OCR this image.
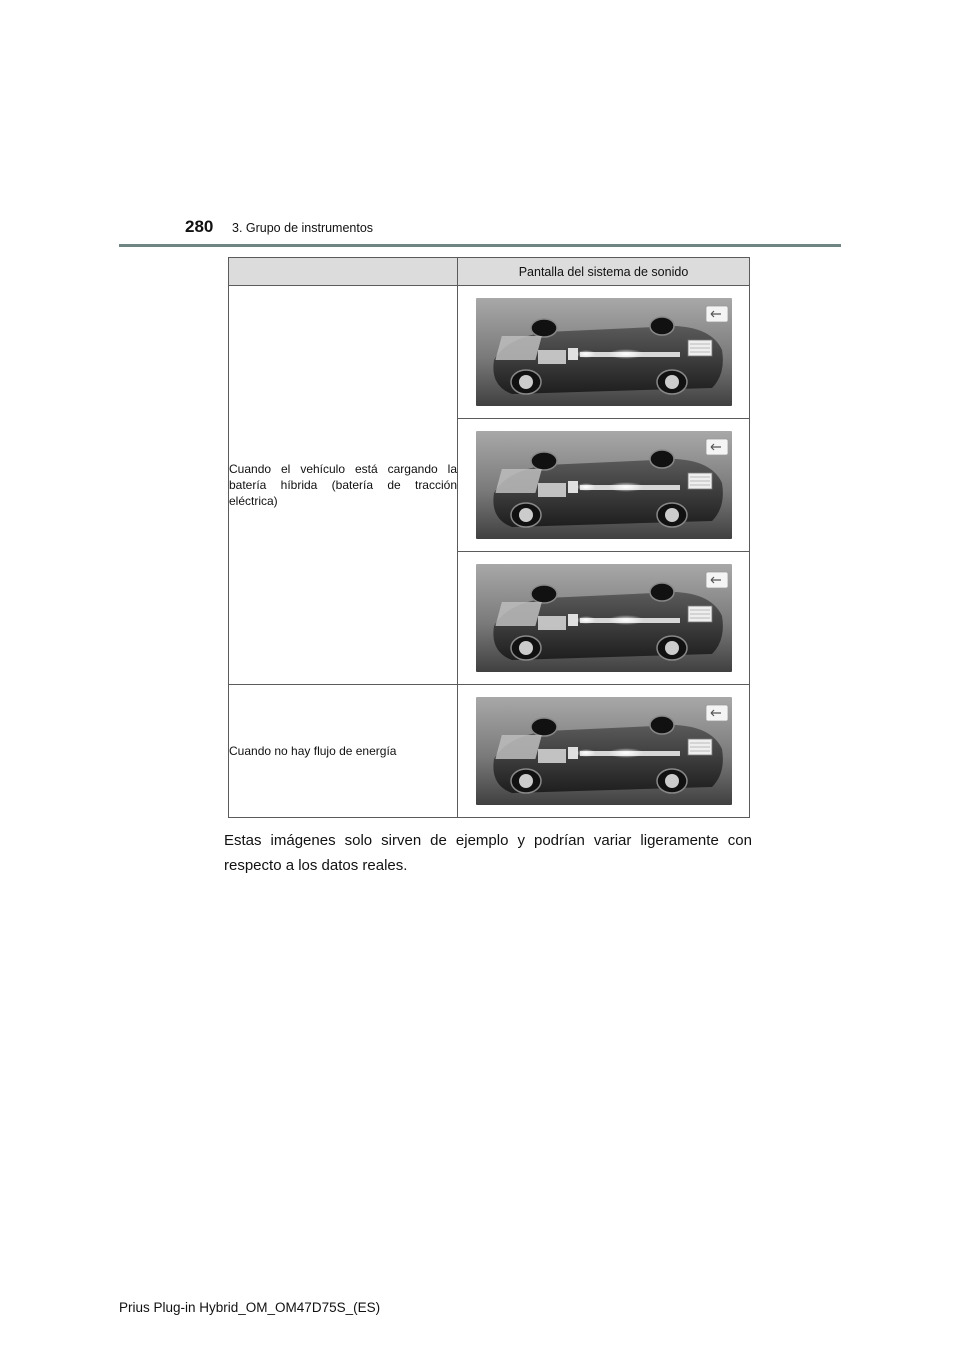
280 3. Grupo de instrumentos
	Pantalla del sistema de sonido
Cuando el vehículo está cargando la batería híbrida (batería de tracción eléctrica)	

Cuando no hay flujo de energía	
Estas imágenes solo sirven de ejemplo y podrían variar ligeramente con respecto a los datos reales.
Prius Plug-in Hybrid_OM_OM47D75S_(ES)
